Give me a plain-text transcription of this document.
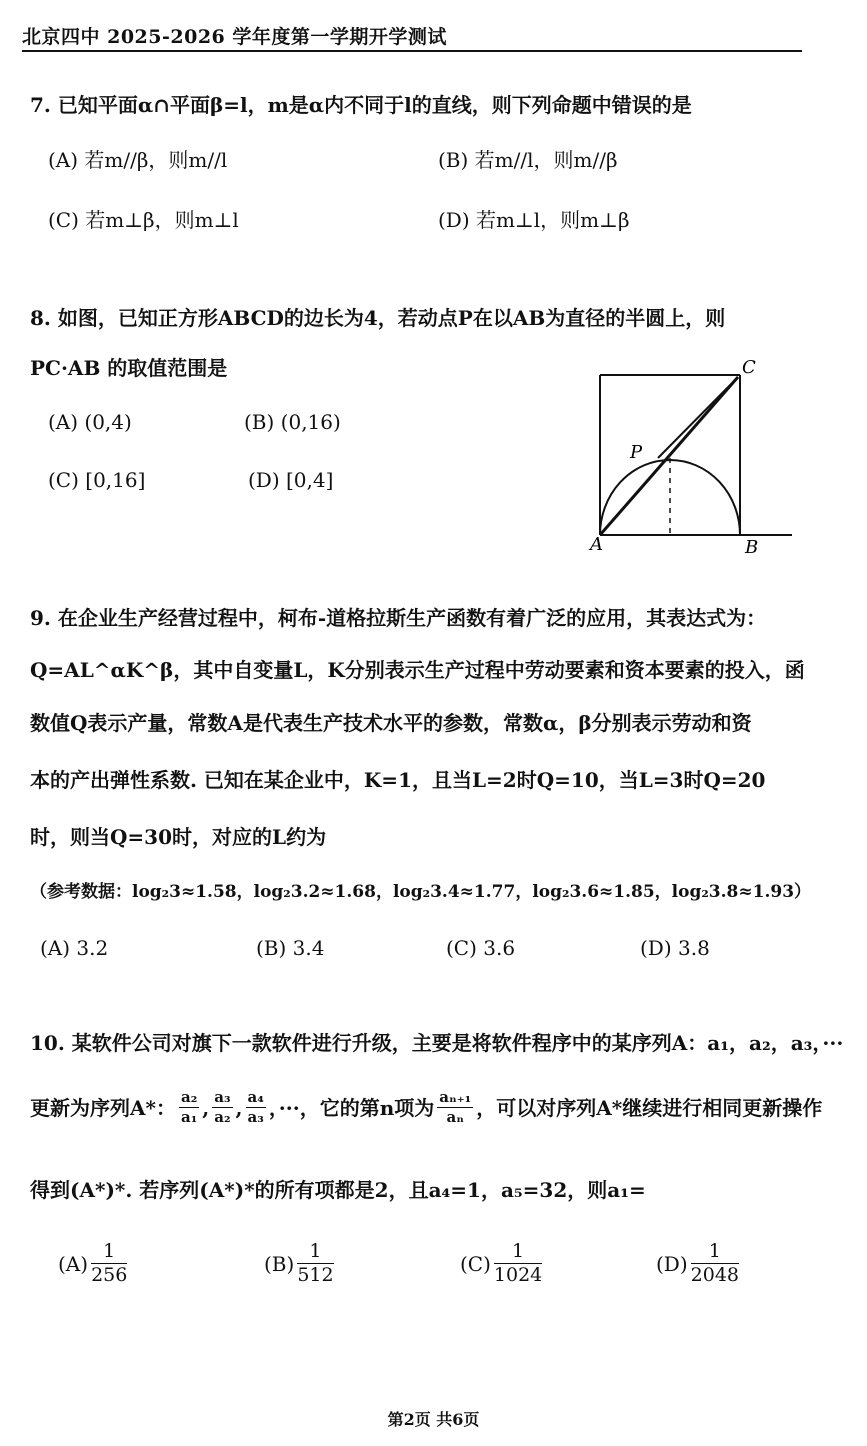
北京四中 2025-2026 学年度第一学期开学测试
7. 已知平面α∩平面β=l，m是α内不同于l的直线，则下列命题中错误的是
(A) 若m//β，则m//l	(B) 若m//l，则m//β
(C) 若m⊥β，则m⊥l	(D) 若m⊥l，则m⊥β
8. 如图，已知正方形ABCD的边长为4，若动点P在以AB为直径的半圆上，则
PC·AB 的取值范围是
(A) (0,4)	(B) (0,16)
(C) [0,16]	(D) [0,4]
A	B
C
P
9. 在企业生产经营过程中，柯布-道格拉斯生产函数有着广泛的应用，其表达式为：
Q=AL^αK^β，其中自变量L，K分别表示生产过程中劳动要素和资本要素的投入，函
数值Q表示产量，常数A是代表生产技术水平的参数，常数α，β分别表示劳动和资
本的产出弹性系数. 已知在某企业中，K=1，且当L=2时Q=10，当L=3时Q=20
时，则当Q=30时，对应的L约为
（参考数据：log₂3≈1.58，log₂3.2≈1.68，log₂3.4≈1.77，log₂3.6≈1.85，log₂3.8≈1.93）
(A) 3.2	(B) 3.4	(C) 3.6	(D) 3.8
10. 某软件公司对旗下一款软件进行升级，主要是将软件程序中的某序列A：a₁，a₂，a₃，···
更新为序列A*： $\frac{\text{a₂}}{\text{a₁}}$ , $\frac{\text{a₃}}{\text{a₂}}$ , $\frac{\text{a₄}}{\text{a₃}}$ ，···，它的第n项为 $\frac{\text{aₙ₊₁}}{\text{aₙ}}$ ，可以对序列A*继续进行相同更新操作
得到(A*)*. 若序列(A*)*的所有项都是2，且a₄=1，a₅=32，则a₁=
$(A) \frac{1}{256}$	$(B) \frac{1}{512}$	$(C) \frac{1}{1024}$	$(D) \frac{1}{2048}$
第2页 共6页
